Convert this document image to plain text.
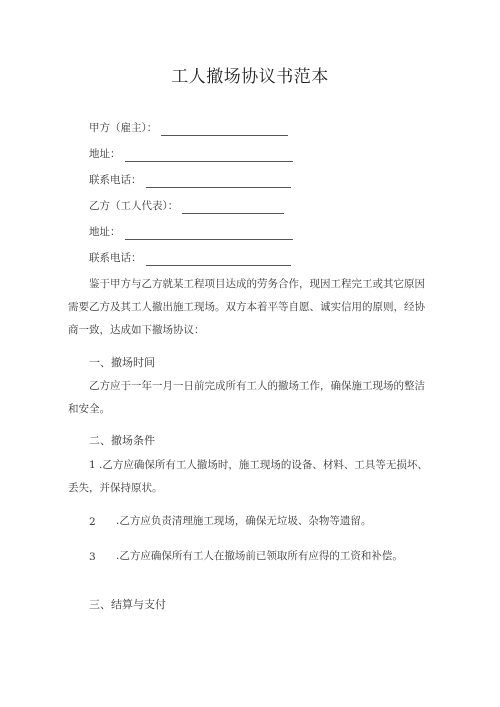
工人撤场协议书范本
甲方（雇主）：
地址：
联系电话：
乙方（工人代表）：
地址：
联系电话：
鉴于甲方与乙方就某工程项目达成的劳务合作，现因工程完工或其它原因需要乙方及其工人撤出施工现场。双方本着平等自愿、诚实信用的原则，经协商一致，达成如下撤场协议：
一、撤场时间
乙方应于一年一月一日前完成所有工人的撤场工作，确保施工现场的整洁和安全。
二、撤场条件
1 .乙方应确保所有工人撤场时，施工现场的设备、材料、工具等无损坏、丢失，并保持原状。
2 .乙方应负责清理施工现场，确保无垃圾、杂物等遗留。
3 .乙方应确保所有工人在撤场前已领取所有应得的工资和补偿。
三、结算与支付
